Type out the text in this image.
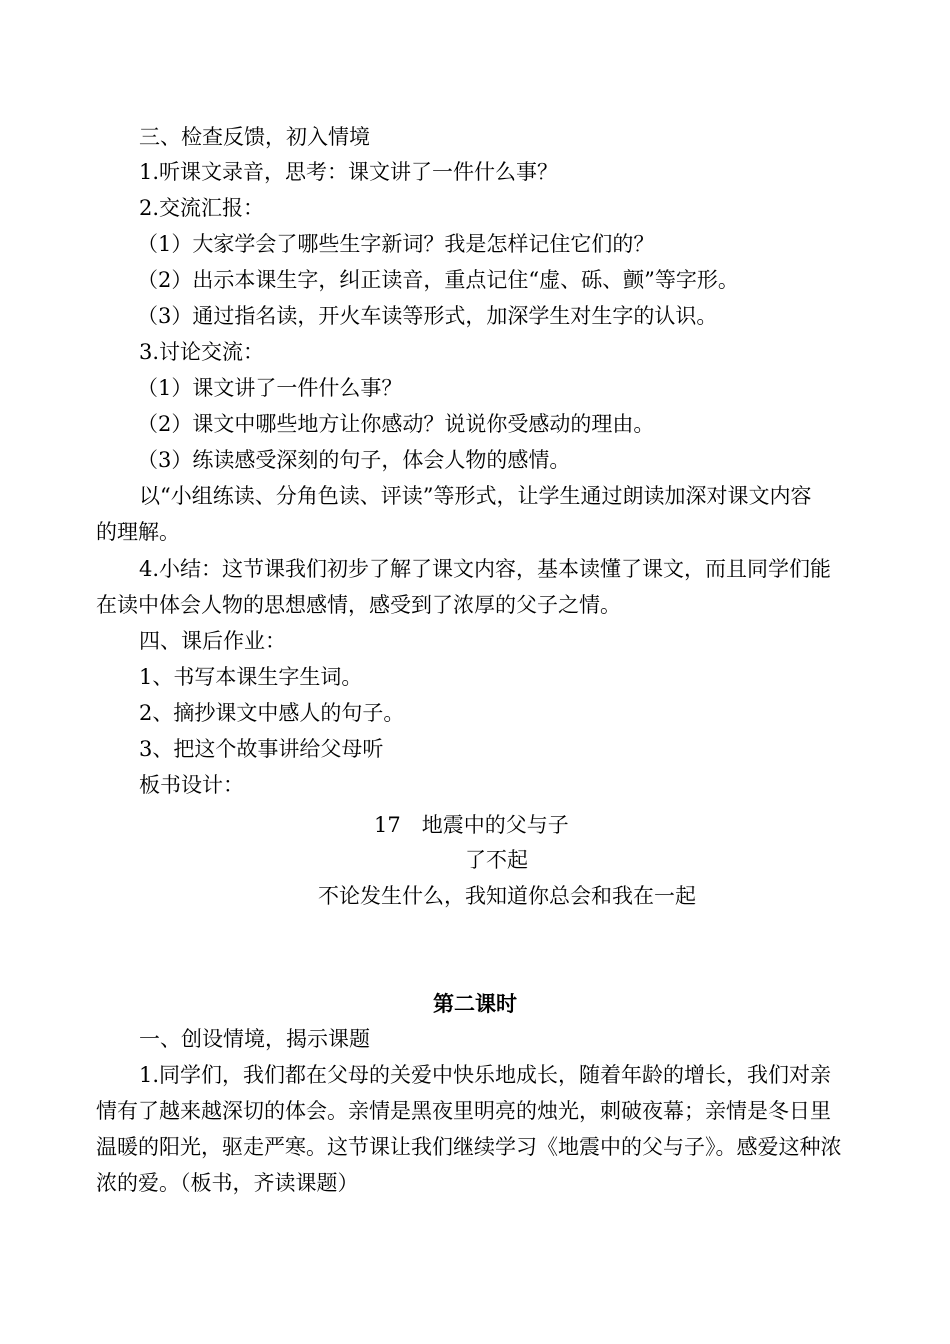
三、检查反馈，初入情境
1.听课文录音，思考：课文讲了一件什么事？
2.交流汇报：
（1）大家学会了哪些生字新词？我是怎样记住它们的？
（2）出示本课生字，纠正读音，重点记住“虚、砾、颤”等字形。
（3）通过指名读，开火车读等形式，加深学生对生字的认识。
3.讨论交流：
（1）课文讲了一件什么事？
（2）课文中哪些地方让你感动？说说你受感动的理由。
（3）练读感受深刻的句子，体会人物的感情。
以“小组练读、分角色读、评读”等形式，让学生通过朗读加深对课文内容
的理解。
4.小结：这节课我们初步了解了课文内容，基本读懂了课文，而且同学们能
在读中体会人物的思想感情，感受到了浓厚的父子之情。
四、课后作业：
1、书写本课生字生词。
2、摘抄课文中感人的句子。
3、把这个故事讲给父母听
板书设计：
17　地震中的父与子
了不起
不论发生什么，我知道你总会和我在一起
第二课时
一、创设情境，揭示课题
1.同学们，我们都在父母的关爱中快乐地成长，随着年龄的增长，我们对亲
情有了越来越深切的体会。亲情是黑夜里明亮的烛光，刺破夜幕；亲情是冬日里
温暖的阳光，驱走严寒。这节课让我们继续学习《地震中的父与子》。感爱这种浓
浓的爱。（板书，齐读课题）
